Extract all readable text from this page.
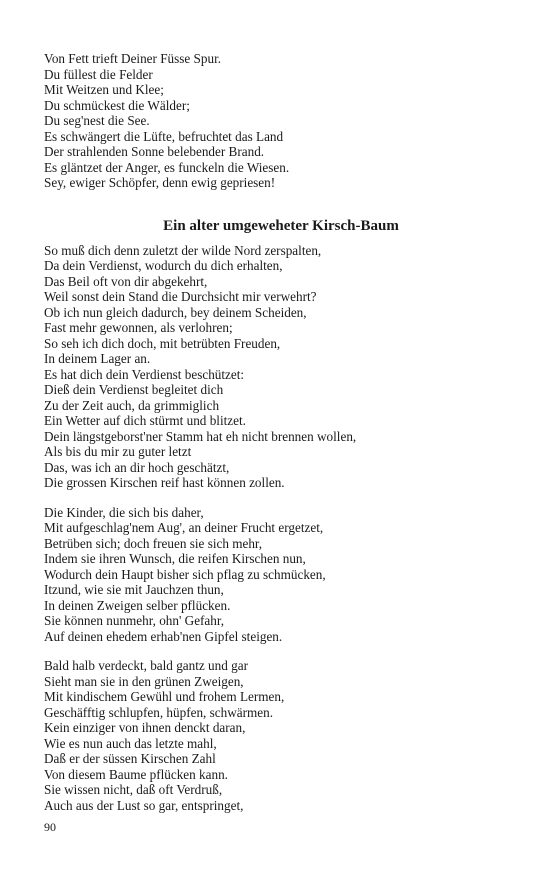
Von Fett trieft Deiner Füsse Spur.
Du füllest die Felder
Mit Weitzen und Klee;
Du schmückest die Wälder;
Du seg'nest die See.
Es schwängert die Lüfte, befruchtet das Land
Der strahlenden Sonne belebender Brand.
Es gläntzet der Anger, es funckeln die Wiesen.
Sey, ewiger Schöpfer, denn ewig gepriesen!
Ein alter umgeweheter Kirsch-Baum
So muß dich denn zuletzt der wilde Nord zerspalten,
Da dein Verdienst, wodurch du dich erhalten,
Das Beil oft von dir abgekehrt,
Weil sonst dein Stand die Durchsicht mir verwehrt?
Ob ich nun gleich dadurch, bey deinem Scheiden,
Fast mehr gewonnen, als verlohren;
So seh ich dich doch, mit betrübten Freuden,
In deinem Lager an.
Es hat dich dein Verdienst beschützet:
Dieß dein Verdienst begleitet dich
Zu der Zeit auch, da grimmiglich
Ein Wetter auf dich stürmt und blitzet.
Dein längstgeborst'ner Stamm hat eh nicht brennen wollen,
Als bis du mir zu guter letzt
Das, was ich an dir hoch geschätzt,
Die grossen Kirschen reif hast können zollen.
Die Kinder, die sich bis daher,
Mit aufgeschlag'nem Aug', an deiner Frucht ergetzet,
Betrüben sich; doch freuen sie sich mehr,
Indem sie ihren Wunsch, die reifen Kirschen nun,
Wodurch dein Haupt bisher sich pflag zu schmücken,
Itzund, wie sie mit Jauchzen thun,
In deinen Zweigen selber pflücken.
Sie können nunmehr, ohn' Gefahr,
Auf deinen ehedem erhab'nen Gipfel steigen.
Bald halb verdeckt, bald gantz und gar
Sieht man sie in den grünen Zweigen,
Mit kindischem Gewühl und frohem Lermen,
Geschäfftig schlupfen, hüpfen, schwärmen.
Kein einziger von ihnen denckt daran,
Wie es nun auch das letzte mahl,
Daß er der süssen Kirschen Zahl
Von diesem Baume pflücken kann.
Sie wissen nicht, daß oft Verdruß,
Auch aus der Lust so gar, entspringet,
90
